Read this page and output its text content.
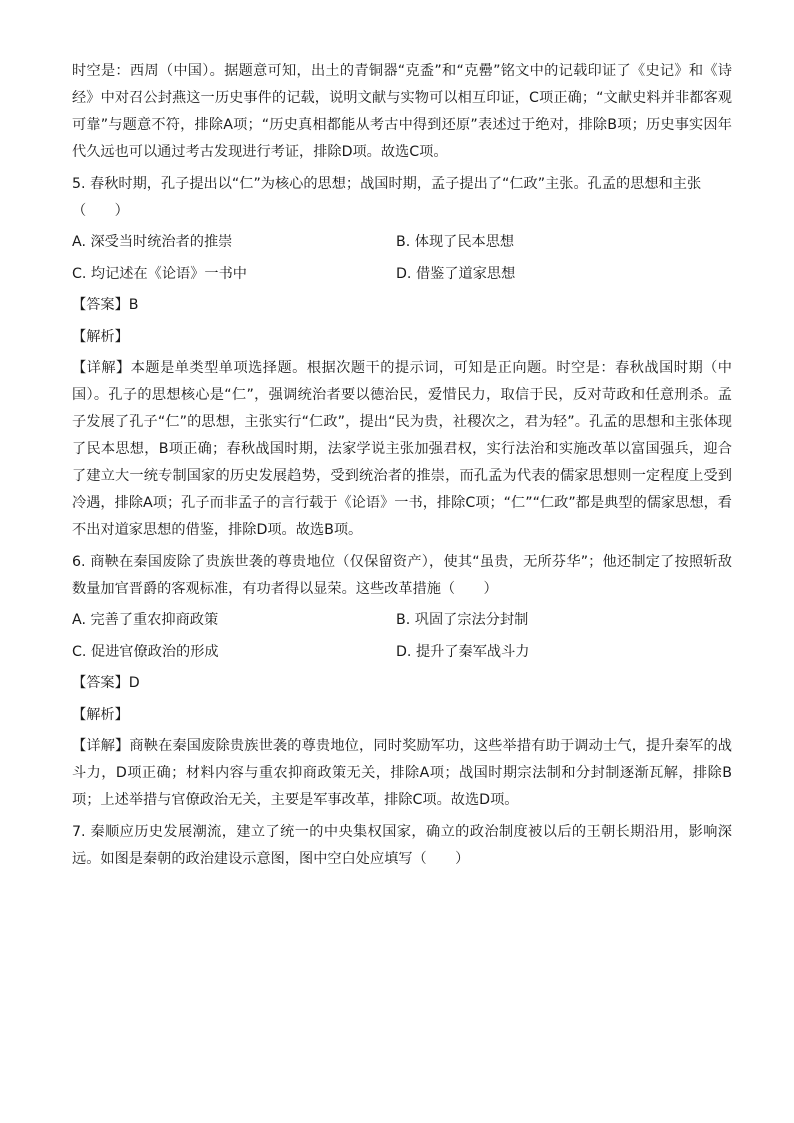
时空是：西周（中国）。据题意可知，出土的青铜器“克盉”和“克罍”铭文中的记载印证了《史记》和《诗经》中对召公封燕这一历史事件的记载，说明文献与实物可以相互印证，C项正确；“文献史料并非都客观可靠”与题意不符，排除A项；“历史真相都能从考古中得到还原”表述过于绝对，排除B项；历史事实因年代久远也可以通过考古发现进行考证，排除D项。故选C项。

5. 春秋时期，孔子提出以“仁”为核心的思想；战国时期，孟子提出了“仁政”主张。孔孟的思想和主张（　　）

A. 深受当时统治者的推崇	B. 体现了民本思想
C. 均记述在《论语》一书中	D. 借鉴了道家思想

【答案】B

【解析】

【详解】本题是单类型单项选择题。根据次题干的提示词，可知是正向题。时空是：春秋战国时期（中国）。孔子的思想核心是“仁”，强调统治者要以德治民，爱惜民力，取信于民，反对苛政和任意刑杀。孟子发展了孔子“仁”的思想，主张实行“仁政”，提出“民为贵，社稷次之，君为轻”。孔孟的思想和主张体现了民本思想，B项正确；春秋战国时期，法家学说主张加强君权，实行法治和实施改革以富国强兵，迎合了建立大一统专制国家的历史发展趋势，受到统治者的推崇，而孔孟为代表的儒家思想则一定程度上受到冷遇，排除A项；孔子而非孟子的言行载于《论语》一书，排除C项；“仁”“仁政”都是典型的儒家思想，看不出对道家思想的借鉴，排除D项。故选B项。

6. 商鞅在秦国废除了贵族世袭的尊贵地位（仅保留资产），使其“虽贵，无所芬华”；他还制定了按照斩敌数量加官晋爵的客观标准，有功者得以显荣。这些改革措施（　　）

A. 完善了重农抑商政策	B. 巩固了宗法分封制
C. 促进官僚政治的形成	D. 提升了秦军战斗力

【答案】D

【解析】

【详解】商鞅在秦国废除贵族世袭的尊贵地位，同时奖励军功，这些举措有助于调动士气，提升秦军的战斗力，D项正确；材料内容与重农抑商政策无关，排除A项；战国时期宗法制和分封制逐渐瓦解，排除B项；上述举措与官僚政治无关，主要是军事改革，排除C项。故选D项。

7. 秦顺应历史发展潮流，建立了统一的中央集权国家，确立的政治制度被以后的王朝长期沿用，影响深远。如图是秦朝的政治建设示意图，图中空白处应填写（　　）
